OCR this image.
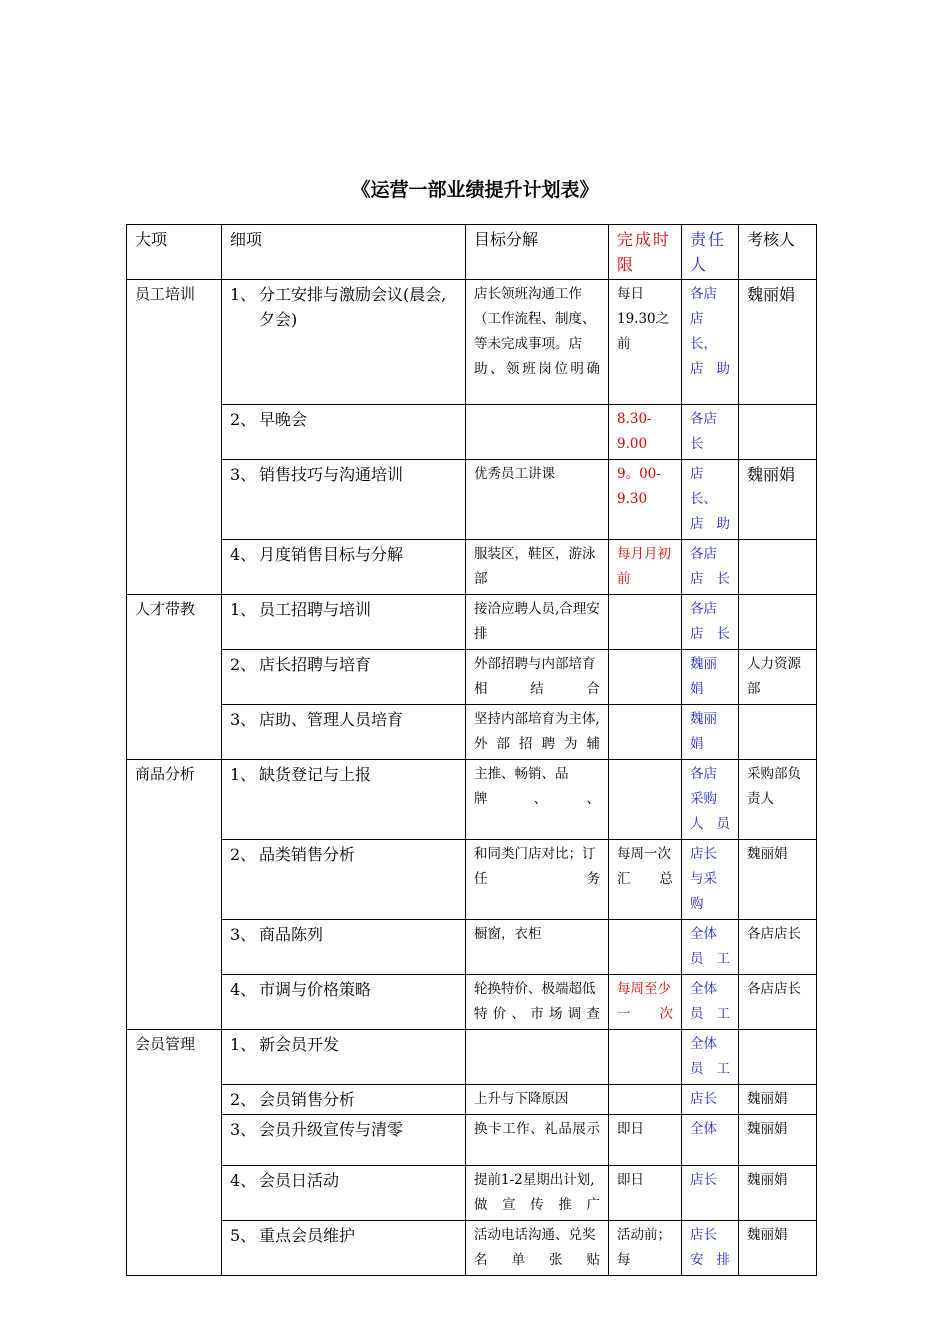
《运营一部业绩提升计划表》
大项	细项	目标分解	完成时限	责任人	考核人
员工培训	1、 分工安排与激励会议(晨会,夕会)	店长领班沟通工作（工作流程、制度、等未完成事项。店助、领班岗位明确	每日19.30之前	各店店长，店助	魏丽娟

	2、 早晚会		8.30-9.00	各店长	

	3、 销售技巧与沟通培训	优秀员工讲课	9。00-9.30	店长、店助	魏丽娟

	4、 月度销售目标与分解	服装区，鞋区，游泳部	每月月初前	各店店长	
人才带教	1、 员工招聘与培训	接洽应聘人员,合理安排		各店店长	

	2、 店长招聘与培育	外部招聘与内部培育相结合		魏丽娟	人力资源部

	3、 店助、管理人员培育	坚持内部培育为主体,外部招聘为辅		魏丽娟	
商品分析	1、 缺货登记与上报	主推、畅销、品牌、、		各店采购人员	采购部负责人

	2、 品类销售分析	和同类门店对比；订任务	每周一次汇总	店长与采购	魏丽娟

	3、 商品陈列	橱窗，衣柜		全体员工	各店店长

	4、 市调与价格策略	轮换特价、极端超低特价、市场调查	每周至少一次	全体员工	各店店长
会员管理	1、 新会员开发			全体员工	

	2、 会员销售分析	上升与下降原因		店长	魏丽娟

	3、 会员升级宣传与清零	换卡工作、礼品展示	即日	全体	魏丽娟

	4、 会员日活动	提前1-2星期出计划,做宣传推广	即日	店长	魏丽娟

	5、 重点会员维护	活动电话沟通、兑奖名单张贴	活动前；每	店长安排	魏丽娟
